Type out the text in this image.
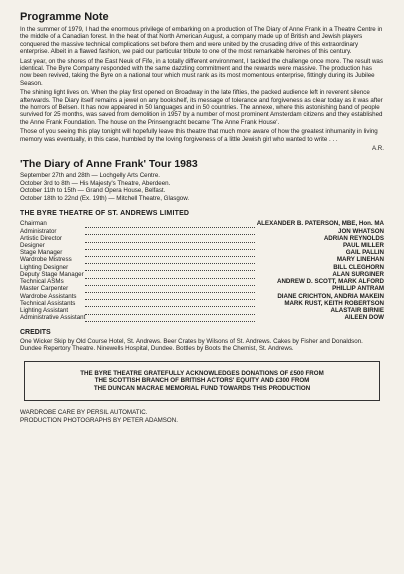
Programme Note

In the summer of 1979, I had the enormous privilege of embarking on a production of The Diary of Anne Frank in a Theatre Centre in the middle of a Canadian forest. In the heat of that North American August, a company made up of British and Jewish players conquered the massive technical complications set before them and were united by the crusading drive of this extraordinary enterprise. Albeit in a flawed fashion, we paid our particular tribute to one of the most remarkable heroines of this century.

Last year, on the shores of the East Neuk of Fife, in a totally different environment, I tackled the challenge once more. The result was identical. The Byre Company responded with the same dazzling commitment and the rewards were massive. The production has now been revived, taking the Byre on a national tour which must rank as its most momentous enterprise, fittingly during its Jubilee Season.

The shining light lives on. When the play first opened on Broadway in the late fifties, the packed audience left in reverent silence afterwards. The Diary itself remains a jewel on any bookshelf, its message of tolerance and forgiveness as clear today as it was after the horrors of Belsen. It has now appeared in 50 languages and in 50 countries. The annexe, where this astonishing band of people survived for 25 months, was saved from demolition in 1957 by a number of most prominent Amsterdam citizens and they established the Anne Frank Foundation. The house on the Prinsengracht became 'The Anne Frank House'.

Those of you seeing this play tonight will hopefully leave this theatre that much more aware of how the greatest inhumanity in living memory was eventually, in this case, humbled by the loving forgiveness of a little Jewish girl who wanted to write . . .

A.R.
'The Diary of Anne Frank' Tour 1983
September 27th and 28th — Lochgelly Arts Centre.
October 3rd to 8th — His Majesty's Theatre, Aberdeen.
October 11th to 15th — Grand Opera House, Belfast.
October 18th to 22nd (Ex. 19th) — Mitchell Theatre, Glasgow.
THE BYRE THEATRE OF ST. ANDREWS LIMITED
Chairman		ALEXANDER B. PATERSON, MBE, Hon. MA
Administrator		JON WHATSON
Artistic Director		ADRIAN REYNOLDS
Designer		PAUL MILLER
Stage Manager		GAIL PALLIN
Wardrobe Mistress		MARY LINEHAN
Lighting Designer		BILL CLEGHORN
Deputy Stage Manager		ALAN SURGINER
Technical ASMs		ANDREW D. SCOTT, MARK ALFORD
Master Carpenter		PHILLIP ANTRAM
Wardrobe Assistants		DIANE CRICHTON, ANDRIA MAKEIN
Technical Assistants		MARK RUST, KEITH ROBERTSON
Lighting Assistant		ALASTAIR BIRNIE
Administrative Assistant		AILEEN DOW
CREDITS

One Wicker Skip by Old Course Hotel, St. Andrews. Beer Crates by Wilsons of St. Andrews. Cakes by Fisher and Donaldson. Dundee Repertory Theatre. Ninewells Hospital, Dundee. Bottles by Boots the Chemist, St. Andrews.

THE BYRE THEATRE GRATEFULLY ACKNOWLEDGES DONATIONS OF £500 FROM
THE SCOTTISH BRANCH OF BRITISH ACTORS' EQUITY AND £300 FROM
THE DUNCAN MACRAE MEMORIAL FUND TOWARDS THIS PRODUCTION
WARDROBE CARE BY PERSIL AUTOMATIC.
PRODUCTION PHOTOGRAPHS BY PETER ADAMSON.
